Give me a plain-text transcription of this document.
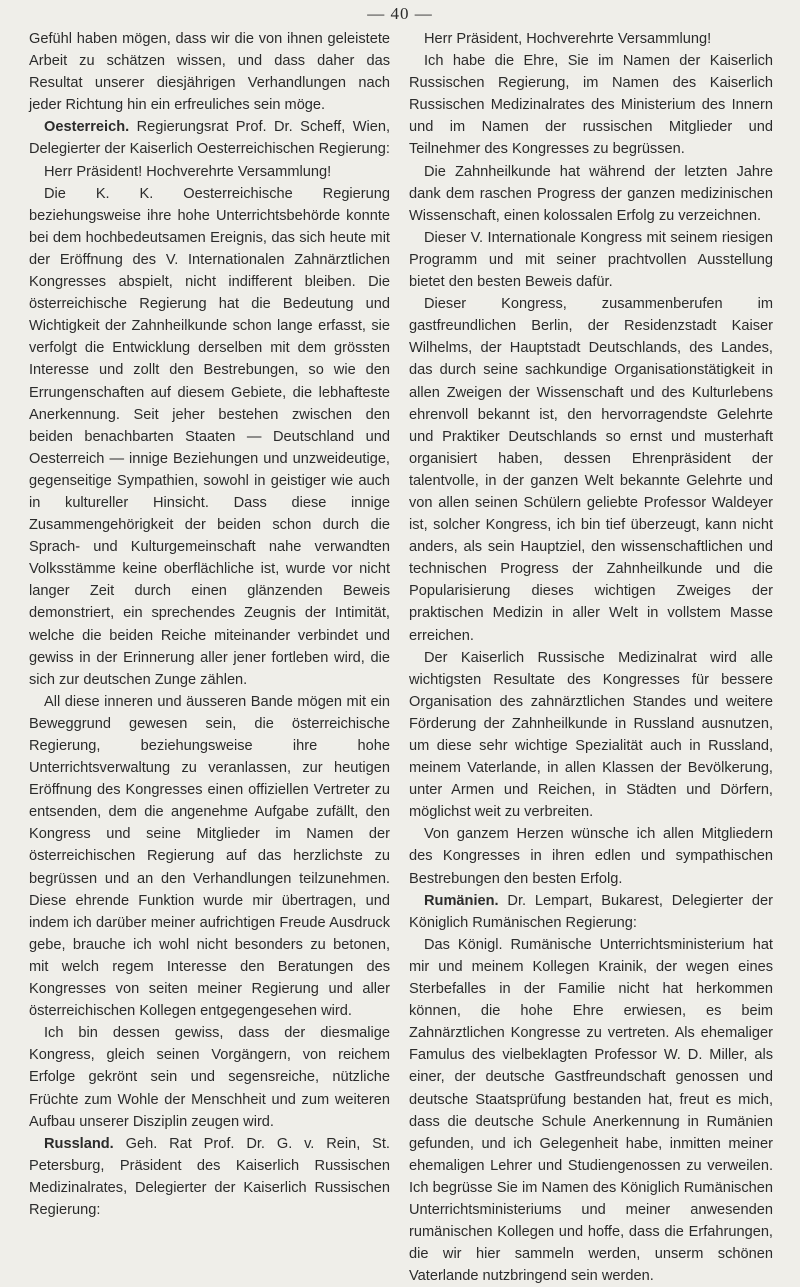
— 40 —

Gefühl haben mögen, dass wir die von ihnen geleistete Arbeit zu schätzen wissen, und dass daher das Resultat unserer diesjährigen Verhandlungen nach jeder Richtung hin ein erfreuliches sein möge.

Oesterreich. Regierungsrat Prof. Dr. Scheff, Wien, Delegierter der Kaiserlich Oesterreichischen Regierung:

Herr Präsident! Hochverehrte Versammlung!

Die K. K. Oesterreichische Regierung beziehungsweise ihre hohe Unterrichtsbehörde konnte bei dem hochbedeutsamen Ereignis, das sich heute mit der Eröffnung des V. Internationalen Zahnärztlichen Kongresses abspielt, nicht indifferent bleiben. Die österreichische Regierung hat die Bedeutung und Wichtigkeit der Zahnheilkunde schon lange erfasst, sie verfolgt die Entwicklung derselben mit dem grössten Interesse und zollt den Bestrebungen, so wie den Errungenschaften auf diesem Gebiete, die lebhafteste Anerkennung. Seit jeher bestehen zwischen den beiden benachbarten Staaten — Deutschland und Oesterreich — innige Beziehungen und unzweideutige, gegenseitige Sympathien, sowohl in geistiger wie auch in kultureller Hinsicht. Dass diese innige Zusammengehörigkeit der beiden schon durch die Sprach- und Kulturgemeinschaft nahe verwandten Volksstämme keine oberflächliche ist, wurde vor nicht langer Zeit durch einen glänzenden Beweis demonstriert, ein sprechendes Zeugnis der Intimität, welche die beiden Reiche miteinander verbindet und gewiss in der Erinnerung aller jener fortleben wird, die sich zur deutschen Zunge zählen.

All diese inneren und äusseren Bande mögen mit ein Beweggrund gewesen sein, die österreichische Regierung, beziehungsweise ihre hohe Unterrichtsverwaltung zu veranlassen, zur heutigen Eröffnung des Kongresses einen offiziellen Vertreter zu entsenden, dem die angenehme Aufgabe zufällt, den Kongress und seine Mitglieder im Namen der österreichischen Regierung auf das herzlichste zu begrüssen und an den Verhandlungen teilzunehmen. Diese ehrende Funktion wurde mir übertragen, und indem ich darüber meiner aufrichtigen Freude Ausdruck gebe, brauche ich wohl nicht besonders zu betonen, mit welch regem Interesse den Beratungen des Kongresses von seiten meiner Regierung und aller österreichischen Kollegen entgegengesehen wird.

Ich bin dessen gewiss, dass der diesmalige Kongress, gleich seinen Vorgängern, von reichem Erfolge gekrönt sein und segensreiche, nützliche Früchte zum Wohle der Menschheit und zum weiteren Aufbau unserer Disziplin zeugen wird.

Russland. Geh. Rat Prof. Dr. G. v. Rein, St. Petersburg, Präsident des Kaiserlich Russischen Medizinalrates, Delegierter der Kaiserlich Russischen Regierung:

Herr Präsident, Hochverehrte Versammlung!

Ich habe die Ehre, Sie im Namen der Kaiserlich Russischen Regierung, im Namen des Kaiserlich Russischen Medizinalrates des Ministerium des Innern und im Namen der russischen Mitglieder und Teilnehmer des Kongresses zu begrüssen.

Die Zahnheilkunde hat während der letzten Jahre dank dem raschen Progress der ganzen medizinischen Wissenschaft, einen kolossalen Erfolg zu verzeichnen.

Dieser V. Internationale Kongress mit seinem riesigen Programm und mit seiner prachtvollen Ausstellung bietet den besten Beweis dafür.

Dieser Kongress, zusammenberufen im gastfreundlichen Berlin, der Residenzstadt Kaiser Wilhelms, der Hauptstadt Deutschlands, des Landes, das durch seine sachkundige Organisationstätigkeit in allen Zweigen der Wissenschaft und des Kulturlebens ehrenvoll bekannt ist, den hervorragendste Gelehrte und Praktiker Deutschlands so ernst und musterhaft organisiert haben, dessen Ehrenpräsident der talentvolle, in der ganzen Welt bekannte Gelehrte und von allen seinen Schülern geliebte Professor Waldeyer ist, solcher Kongress, ich bin tief überzeugt, kann nicht anders, als sein Hauptziel, den wissenschaftlichen und technischen Progress der Zahnheilkunde und die Popularisierung dieses wichtigen Zweiges der praktischen Medizin in aller Welt in vollstem Masse erreichen.

Der Kaiserlich Russische Medizinalrat wird alle wichtigsten Resultate des Kongresses für bessere Organisation des zahnärztlichen Standes und weitere Förderung der Zahnheilkunde in Russland ausnutzen, um diese sehr wichtige Spezialität auch in Russland, meinem Vaterlande, in allen Klassen der Bevölkerung, unter Armen und Reichen, in Städten und Dörfern, möglichst weit zu verbreiten.

Von ganzem Herzen wünsche ich allen Mitgliedern des Kongresses in ihren edlen und sympathischen Bestrebungen den besten Erfolg.

Rumänien. Dr. Lempart, Bukarest, Delegierter der Königlich Rumänischen Regierung:

Das Königl. Rumänische Unterrichtsministerium hat mir und meinem Kollegen Krainik, der wegen eines Sterbefalles in der Familie nicht hat herkommen können, die hohe Ehre erwiesen, es beim Zahnärztlichen Kongresse zu vertreten. Als ehemaliger Famulus des vielbeklagten Professor W. D. Miller, als einer, der deutsche Gastfreundschaft genossen und deutsche Staatsprüfung bestanden hat, freut es mich, dass die deutsche Schule Anerkennung in Rumänien gefunden, und ich Gelegenheit habe, inmitten meiner ehemaligen Lehrer und Studiengenossen zu verweilen. Ich begrüsse Sie im Namen des Königlich Rumänischen Unterrichtsministeriums und meiner anwesenden rumänischen Kollegen und hoffe, dass die Erfahrungen, die wir hier sammeln werden, unserm schönen Vaterlande nutzbringend sein werden.
